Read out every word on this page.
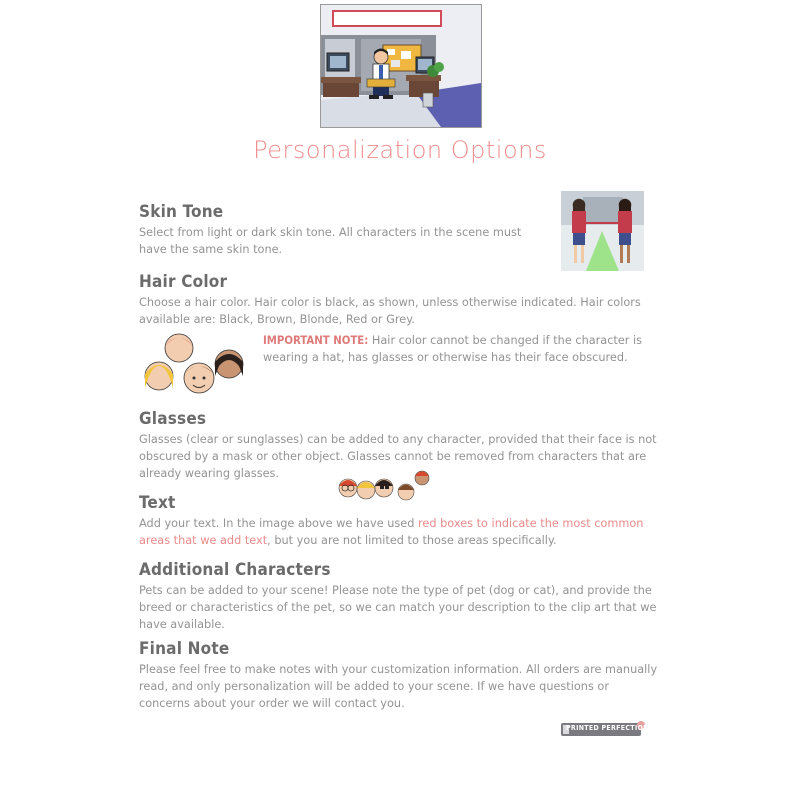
Personalization Options
Skin Tone

Select from light or dark skin tone. All characters in the scene must have the same skin tone.

Hair Color

Choose a hair color. Hair color is black, as shown, unless otherwise indicated. Hair colors available are: Black, Brown, Blonde, Red or Grey.

IMPORTANT NOTE: Hair color cannot be changed if the character is wearing a hat, has glasses or otherwise has their face obscured.

Glasses

Glasses (clear or sunglasses) can be added to any character, provided that their face is not obscured by a mask or other object. Glasses cannot be removed from characters that are already wearing glasses.

Text

Add your text. In the image above we have used red boxes to indicate the most common areas that we add text, but you are not limited to those areas specifically.

Additional Characters

Pets can be added to your scene! Please note the type of pet (dog or cat), and provide the breed or characteristics of the pet, so we can match your description to the clip art that we have available.

Final Note

Please feel free to make notes with your customization information. All orders are manually read, and only personalization will be added to your scene. If we have questions or concerns about your order we will contact you.

PRINTED PERFECTION
